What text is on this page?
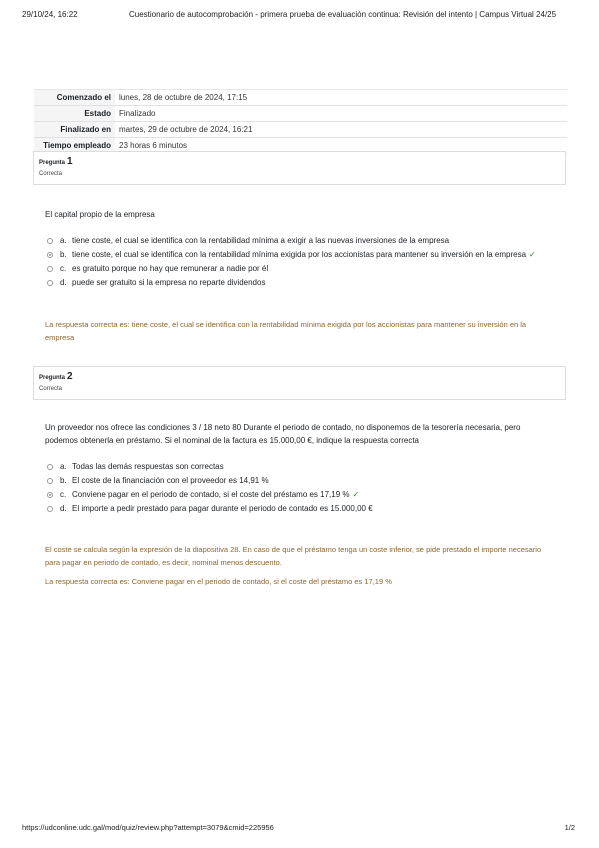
29/10/24, 16:22	Cuestionario de autocomprobación - primera prueba de evaluación continua: Revisión del intento | Campus Virtual 24/25
Comenzado el	lunes, 28 de octubre de 2024, 17:15
Estado	Finalizado
Finalizado en	martes, 29 de octubre de 2024, 16:21
Tiempo empleado	23 horas 6 minutos
Pregunta 1
Correcta
El capital propio de la empresa
a. tiene coste, el cual se identifica con la rentabilidad mínima a exigir a las nuevas inversiones de la empresa
b. tiene coste, el cual se identifica con la rentabilidad mínima exigida por los accionistas para mantener su inversión en la empresa ✓
c. es gratuito porque no hay que remunerar a nadie por él
d. puede ser gratuito si la empresa no reparte dividendos
La respuesta correcta es: tiene coste, el cual se identifica con la rentabilidad mínima exigida por los accionistas para mantener su inversión en la empresa
Pregunta 2
Correcta
Un proveedor nos ofrece las condiciones 3 / 18 neto 80 Durante el periodo de contado, no disponemos de la tesorería necesaria, pero podemos obtenerla en préstamo. Si el nominal de la factura es 15.000,00 €, indique la respuesta correcta
a. Todas las demás respuestas son correctas
b. El coste de la financiación con el proveedor es 14,91 %
c. Conviene pagar en el periodo de contado, si el coste del préstamo es 17,19 % ✓
d. El importe a pedir prestado para pagar durante el periodo de contado es 15.000,00 €
El coste se calcula según la expresión de la diapositiva 28. En caso de que el préstamo tenga un coste inferior, se pide prestado el importe necesario para pagar en periodo de contado, es decir, nominal menos descuento.
La respuesta correcta es: Conviene pagar en el periodo de contado, si el coste del préstamo es 17,19 %
https://udconline.udc.gal/mod/quiz/review.php?attempt=3079&cmid=225956	1/2
